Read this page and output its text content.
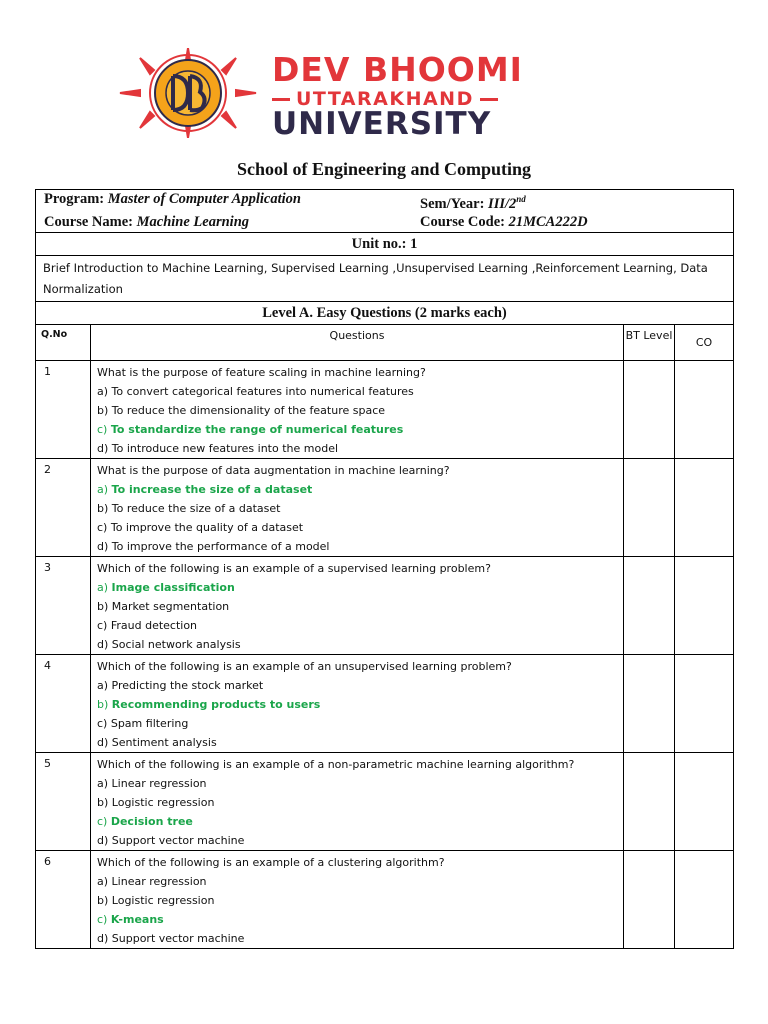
DEV BHOOMI
UTTARAKHAND
UNIVERSITY
School of Engineering and Computing
Program: Master of Computer Application Sem/Year: III/2nd
Course Name: Machine Learning Course Code: 21MCA222D			

Unit no.: 1			
Brief Introduction to Machine Learning, Supervised Learning ,Unsupervised Learning ,Reinforcement Learning, Data Normalization			
Level A. Easy Questions (2 marks each)			
Q.No	Questions	BT Level	CO
1	What is the purpose of feature scaling in machine learning?
a) To convert categorical features into numerical features
b) To reduce the dimensionality of the feature space
c) To standardize the range of numerical features
d) To introduce new features into the model		

2	What is the purpose of data augmentation in machine learning?
a) To increase the size of a dataset
b) To reduce the size of a dataset
c) To improve the quality of a dataset
d) To improve the performance of a model		

3	Which of the following is an example of a supervised learning problem?
a) Image classification
b) Market segmentation
c) Fraud detection
d) Social network analysis		

4	Which of the following is an example of an unsupervised learning problem?
a) Predicting the stock market
b) Recommending products to users
c) Spam filtering
d) Sentiment analysis		

5	Which of the following is an example of a non-parametric machine learning algorithm?
a) Linear regression
b) Logistic regression
c) Decision tree
d) Support vector machine		

6	Which of the following is an example of a clustering algorithm?
a) Linear regression
b) Logistic regression
c) K-means
d) Support vector machine		
